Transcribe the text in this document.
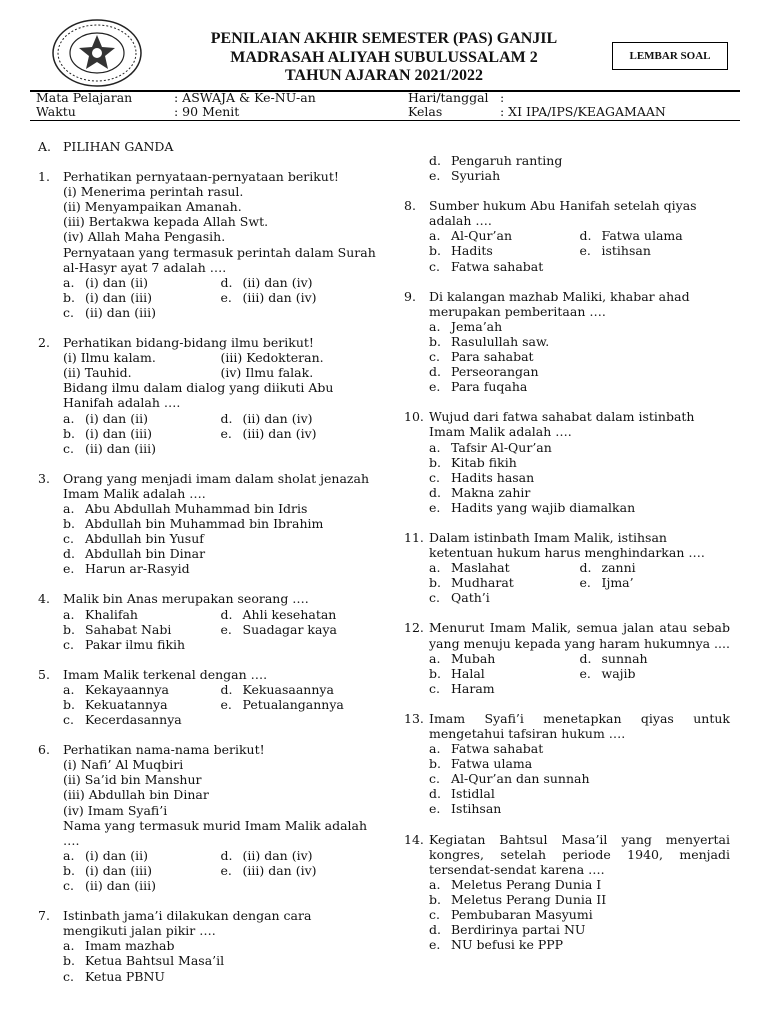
PENILAIAN AKHIR SEMESTER (PAS) GANJIL
MADRASAH ALIYAH SUBULUSSALAM 2
TAHUN AJARAN 2021/2022
LEMBAR SOAL
Mata Pelajaran	: ASWAJA & Ke-NU-an	Hari/tanggal :
Waktu	: 90 Menit	Kelas	: XI IPA/IPS/KEAGAMAAN
A. PILIHAN GANDA
1.	Perhatikan pernyataan-pernyataan berikut!
(i) Menerima perintah rasul.
(ii) Menyampaikan Amanah.
(iii) Bertakwa kepada Allah Swt.
(iv) Allah Maha Pengasih.
Pernyataan yang termasuk perintah dalam Surah al-Hasyr ayat 7 adalah ….
a. (i) dan (ii)	d. (ii) dan (iv)
b. (i) dan (iii)	e. (iii) dan (iv)
c. (ii) dan (iii)
2.	Perhatikan bidang-bidang ilmu berikut!
(i) Ilmu kalam.	(iii) Kedokteran.
(ii) Tauhid.	(iv) Ilmu falak.
Bidang ilmu dalam dialog yang diikuti Abu Hanifah adalah ….
a. (i) dan (ii)	d. (ii) dan (iv)
b. (i) dan (iii)	e. (iii) dan (iv)
c. (ii) dan (iii)
3.	Orang yang menjadi imam dalam sholat jenazah Imam Malik adalah ….
a. Abu Abdullah Muhammad bin Idris
b. Abdullah bin Muhammad bin Ibrahim
c. Abdullah bin Yusuf
d. Abdullah bin Dinar
e. Harun ar-Rasyid
4.	Malik bin Anas merupakan seorang ….
a. Khalifah	d. Ahli kesehatan
b. Sahabat Nabi	e. Suadagar kaya
c. Pakar ilmu fikih
5.	Imam Malik terkenal dengan ….
a. Kekayaannya	d. Kekuasaannya
b. Kekuatannya	e. Petualangannya
c. Kecerdasannya
6.	Perhatikan nama-nama berikut!
(i) Nafi’ Al Muqbiri
(ii) Sa’id bin Manshur
(iii) Abdullah bin Dinar
(iv) Imam Syafi’i
Nama yang termasuk murid Imam Malik adalah ….
a. (i) dan (ii)	d. (ii) dan (iv)
b. (i) dan (iii)	e. (iii) dan (iv)
c. (ii) dan (iii)
7.	Istinbath jama’i dilakukan dengan cara mengikuti jalan pikir ….
a. Imam mazhab
b. Ketua Bahtsul Masa’il
c. Ketua PBNU
d. Pengaruh ranting
e. Syuriah
8.	Sumber hukum Abu Hanifah setelah qiyas adalah ….
a. Al-Qur’an	d. Fatwa ulama
b. Hadits	e. istihsan
c. Fatwa sahabat
9.	Di kalangan mazhab Maliki, khabar ahad merupakan pemberitaan ….
a. Jema’ah
b. Rasulullah saw.
c. Para sahabat
d. Perseorangan
e. Para fuqaha
10. Wujud dari fatwa sahabat dalam istinbath Imam Malik adalah ….
a. Tafsir Al-Qur’an
b. Kitab fikih
c. Hadits hasan
d. Makna zahir
e. Hadits yang wajib diamalkan
11. Dalam istinbath Imam Malik, istihsan ketentuan hukum harus menghindarkan ….
a. Maslahat	d. zanni
b. Mudharat	e. Ijma’
c. Qath’i
12. Menurut Imam Malik, semua jalan atau sebab yang menuju kepada yang haram hukumnya ....
a. Mubah	d. sunnah
b. Halal	e. wajib
c. Haram
13. Imam Syafi’i menetapkan qiyas untuk mengetahui tafsiran hukum ….
a. Fatwa sahabat
b. Fatwa ulama
c. Al-Qur’an dan sunnah
d. Istidlal
e. Istihsan
14. Kegiatan Bahtsul Masa’il yang menyertai kongres, setelah periode 1940, menjadi tersendat-sendat karena ….
a. Meletus Perang Dunia I
b. Meletus Perang Dunia II
c. Pembubaran Masyumi
d. Berdirinya partai NU
e. NU befusi ke PPP
